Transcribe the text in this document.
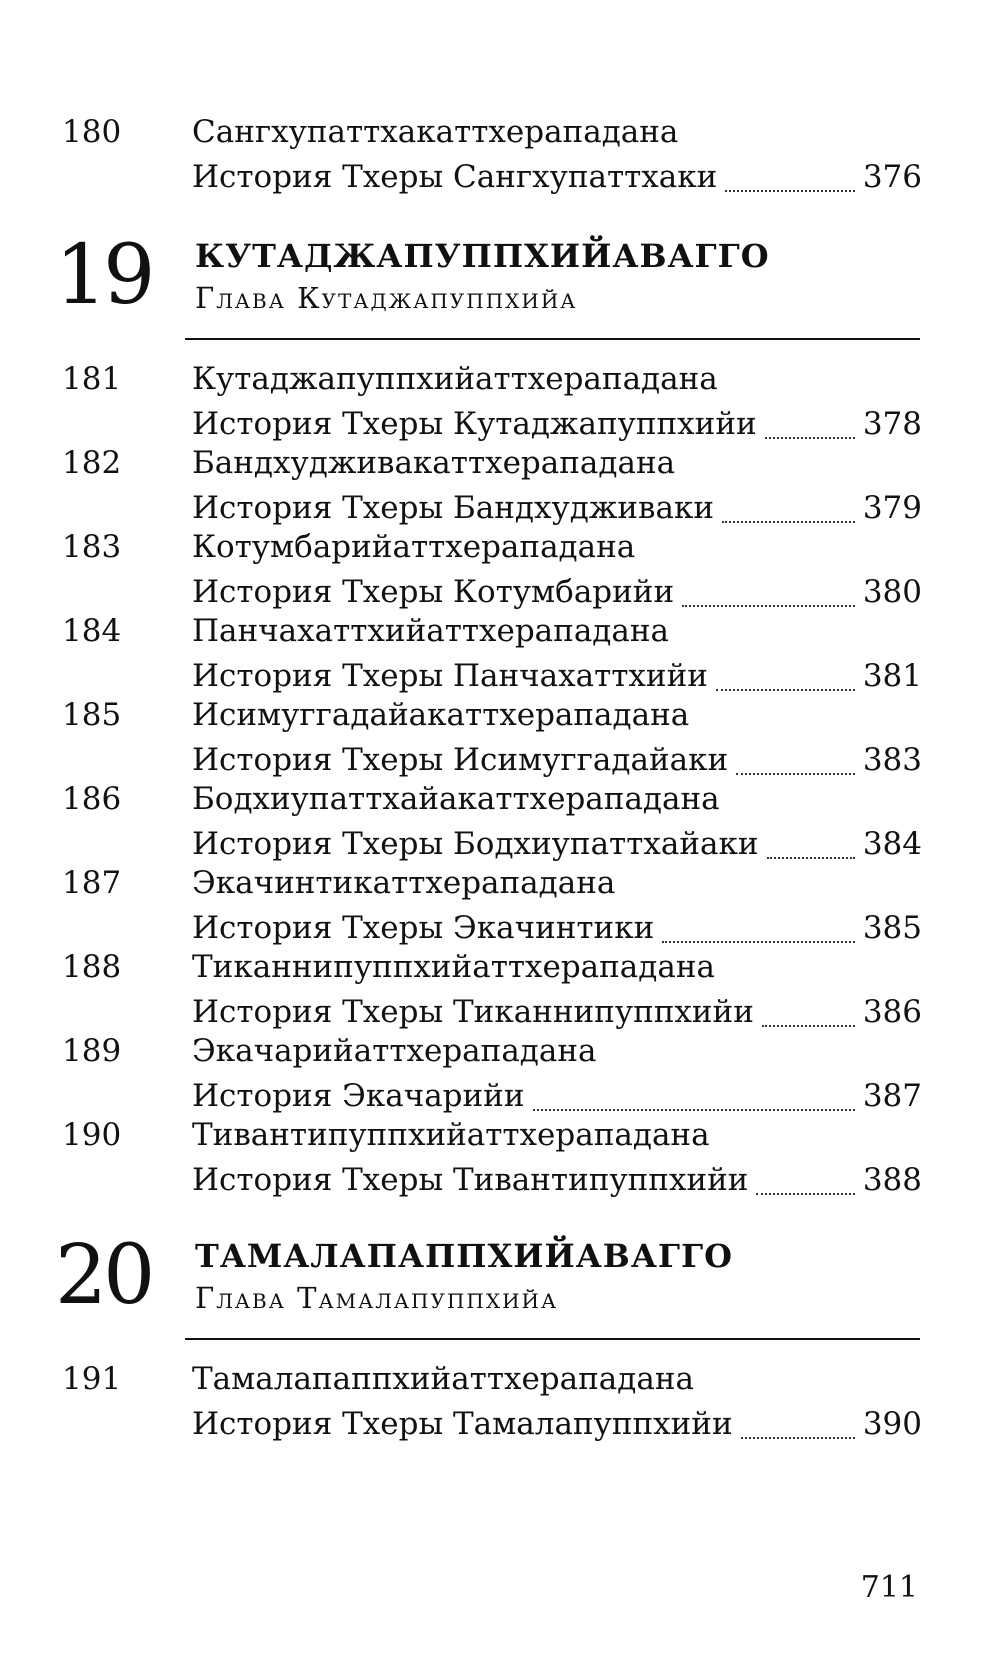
180 Сангхупаттхакаттхерападана
История Тхеры Сангхупаттхаки	376
19 КУТАДЖАПУППХИЙАВАГГО
Глава Кутаджапуппхийа
181 Кутаджапуппхийаттхерападана
История Тхеры Кутаджапуппхийи	378
182 Бандхудживакаттхерападана
История Тхеры Бандхудживаки	379
183 Котумбарийаттхерападана
История Тхеры Котумбарийи	380
184 Панчахаттхийаттхерападана
История Тхеры Панчахаттхийи	381
185 Исимуггадайакаттхерападана
История Тхеры Исимуггадайаки	383
186 Бодхиупаттхайакаттхерападана
История Тхеры Бодхиупаттхайаки	384
187 Экачинтикаттхерападана
История Тхеры Экачинтики	385
188 Тиканнипуппхийаттхерападана
История Тхеры Тиканнипуппхийи	386
189 Экачарийаттхерападана
История Экачарийи	387
190 Тивантипуппхийаттхерападана
История Тхеры Тивантипуппхийи	388
20 ТАМАЛАПАППХИЙАВАГГО
Глава Тамалапуппхийа
191 Тамалапаппхийаттхерападана
История Тхеры Тамалапуппхийи	390
711
